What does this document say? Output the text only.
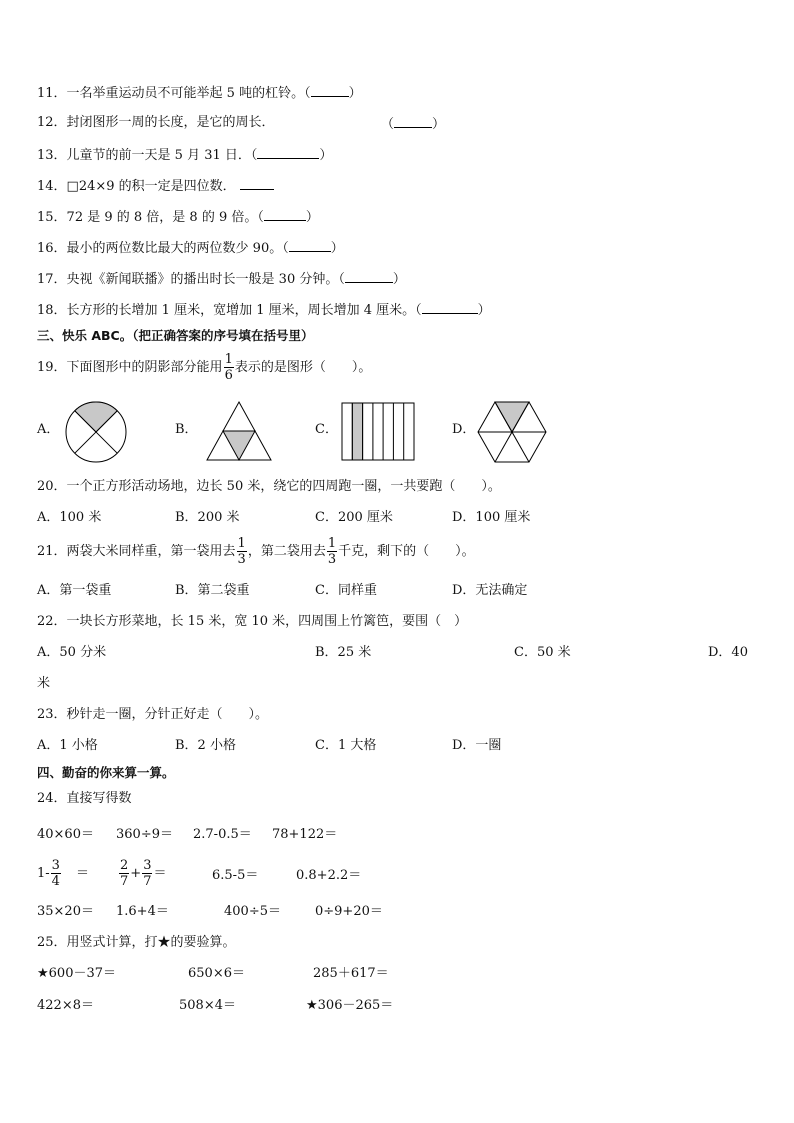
11．一名举重运动员不可能举起 5 吨的杠铃。（	）
12．封闭图形一周的长度，是它的周长．	（	）
13．儿童节的前一天是 5 月 31 日．（	）
14．□24×9 的积一定是四位数．
15．72 是 9 的 8 倍，是 8 的 9 倍。（	）
16．最小的两位数比最大的两位数少 90。（	）
17．央视《新闻联播》的播出时长一般是 30 分钟。（	）
18．长方形的长增加 1 厘米，宽增加 1 厘米，周长增加 4 厘米。（	）
三、快乐 ABC。（把正确答案的序号填在括号里）
19．下面图形中的阴影部分能用 $\frac{1}{6}$ 表示的是图形（　　）。
A．	B．	C．	D．
20．一个正方形活动场地，边长 50 米，绕它的四周跑一圈，一共要跑（　　）。
A．100 米	B．200 米	C．200 厘米	D．100 厘米
21．两袋大米同样重，第一袋用去 $\frac{1}{3}$ ，第二袋用去 $\frac{1}{3}$ 千克，剩下的（　　）。
A．第一袋重	B．第二袋重	C．同样重	D．无法确定
22．一块长方形菜地，长 15 米，宽 10 米，四周围上竹篱笆，要围（　）
A．50 分米	B．25 米	C．50 米	D．40
米
23．秒针走一圈，分针正好走（　　）。
A．1 小格	B．2 小格	C．1 大格	D．一圈
四、勤奋的你来算一算。
24．直接写得数
40×60＝ 360÷9＝ 2.7-0.5＝ 78+122＝
$1- \frac{3}{4} = \frac{2}{7} + \frac{3}{7}$ ＝	6.5-5＝	0.8+2.2＝
35×20＝ 1.6+4＝	400÷5＝	0÷9+20＝
25．用竖式计算，打★的要验算。
★600－37＝	650×6＝	285＋617＝
422×8＝	508×4＝	★306－265＝
